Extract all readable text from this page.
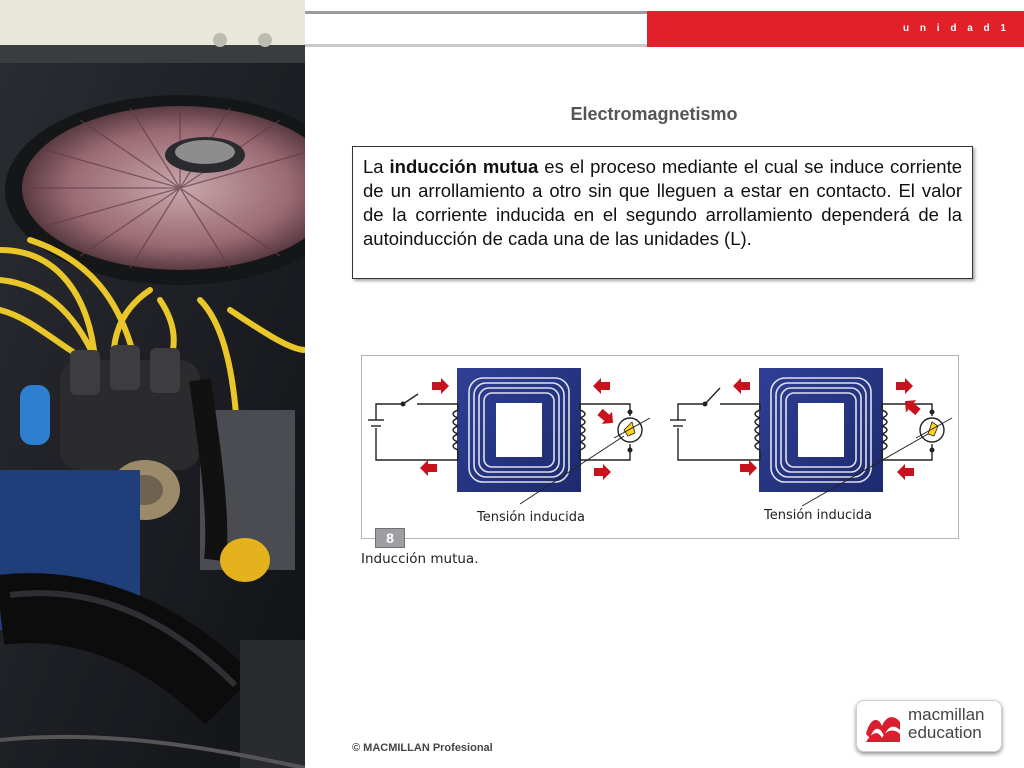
u n i d a d 1
Electromagnetismo
La inducción mutua es el proceso mediante el cual se induce corriente de un arrollamiento a otro sin que lleguen a estar en contacto. El valor de la corriente inducida en el segundo arrollamiento dependerá de la autoinducción de cada una de las unidades (L).
Tensión inducida	Tensión inducida
8
Inducción mutua.
© MACMILLAN Profesional
macmillan
education
